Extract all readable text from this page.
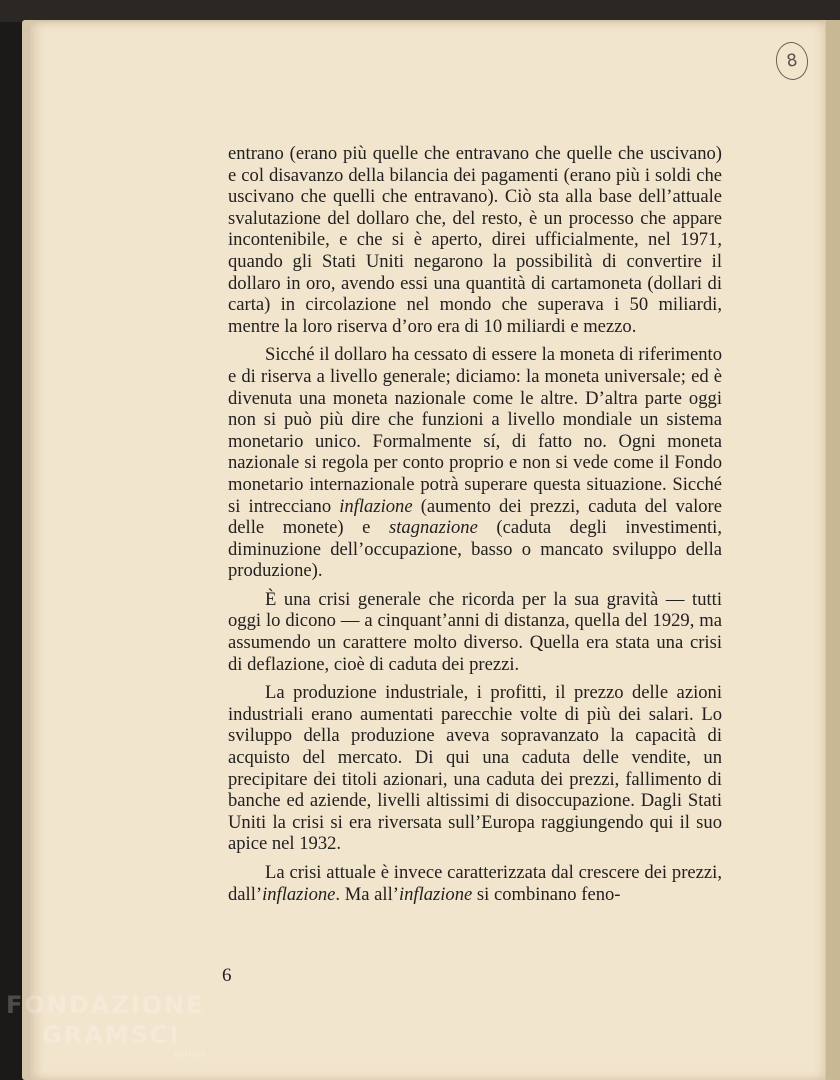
8

entrano (erano più quelle che entravano che quelle che uscivano) e col disavanzo della bilancia dei pagamenti (erano più i soldi che uscivano che quelli che entravano). Ciò sta alla base dell’attuale svalutazione del dollaro che, del resto, è un processo che appare incontenibile, e che si è aperto, direi ufficialmente, nel 1971, quando gli Stati Uniti negarono la possibilità di convertire il dollaro in oro, avendo essi una quantità di cartamoneta (dollari di carta) in circolazione nel mondo che superava i 50 miliardi, mentre la loro riserva d’oro era di 10 miliardi e mezzo.

Sicché il dollaro ha cessato di essere la moneta di riferimento e di riserva a livello generale; diciamo: la moneta universale; ed è divenuta una moneta nazionale come le altre. D’altra parte oggi non si può più dire che funzioni a livello mondiale un sistema monetario unico. Formalmente sí, di fatto no. Ogni moneta nazionale si regola per conto proprio e non si vede come il Fondo monetario internazionale potrà superare questa situazione. Sicché si intrecciano inflazione (aumento dei prezzi, caduta del valore delle monete) e stagnazione (caduta degli investimenti, diminuzione dell’occupazione, basso o mancato sviluppo della produzione).

È una crisi generale che ricorda per la sua gravità — tutti oggi lo dicono — a cinquant’anni di distanza, quella del 1929, ma assumendo un carattere molto diverso. Quella era stata una crisi di deflazione, cioè di caduta dei prezzi.

La produzione industriale, i profitti, il prezzo delle azioni industriali erano aumentati parecchie volte di più dei salari. Lo sviluppo della produzione aveva sopravanzato la capacità di acquisto del mercato. Di qui una caduta delle vendite, un precipitare dei titoli azionari, una caduta dei prezzi, fallimento di banche ed aziende, livelli altissimi di disoccupazione. Dagli Stati Uniti la crisi si era riversata sull’Europa raggiungendo qui il suo apice nel 1932.

La crisi attuale è invece caratterizzata dal crescere dei prezzi, dall’inflazione. Ma all’inflazione si combinano feno-

6
FONDAZIONE
GRAMSCI
onlus
